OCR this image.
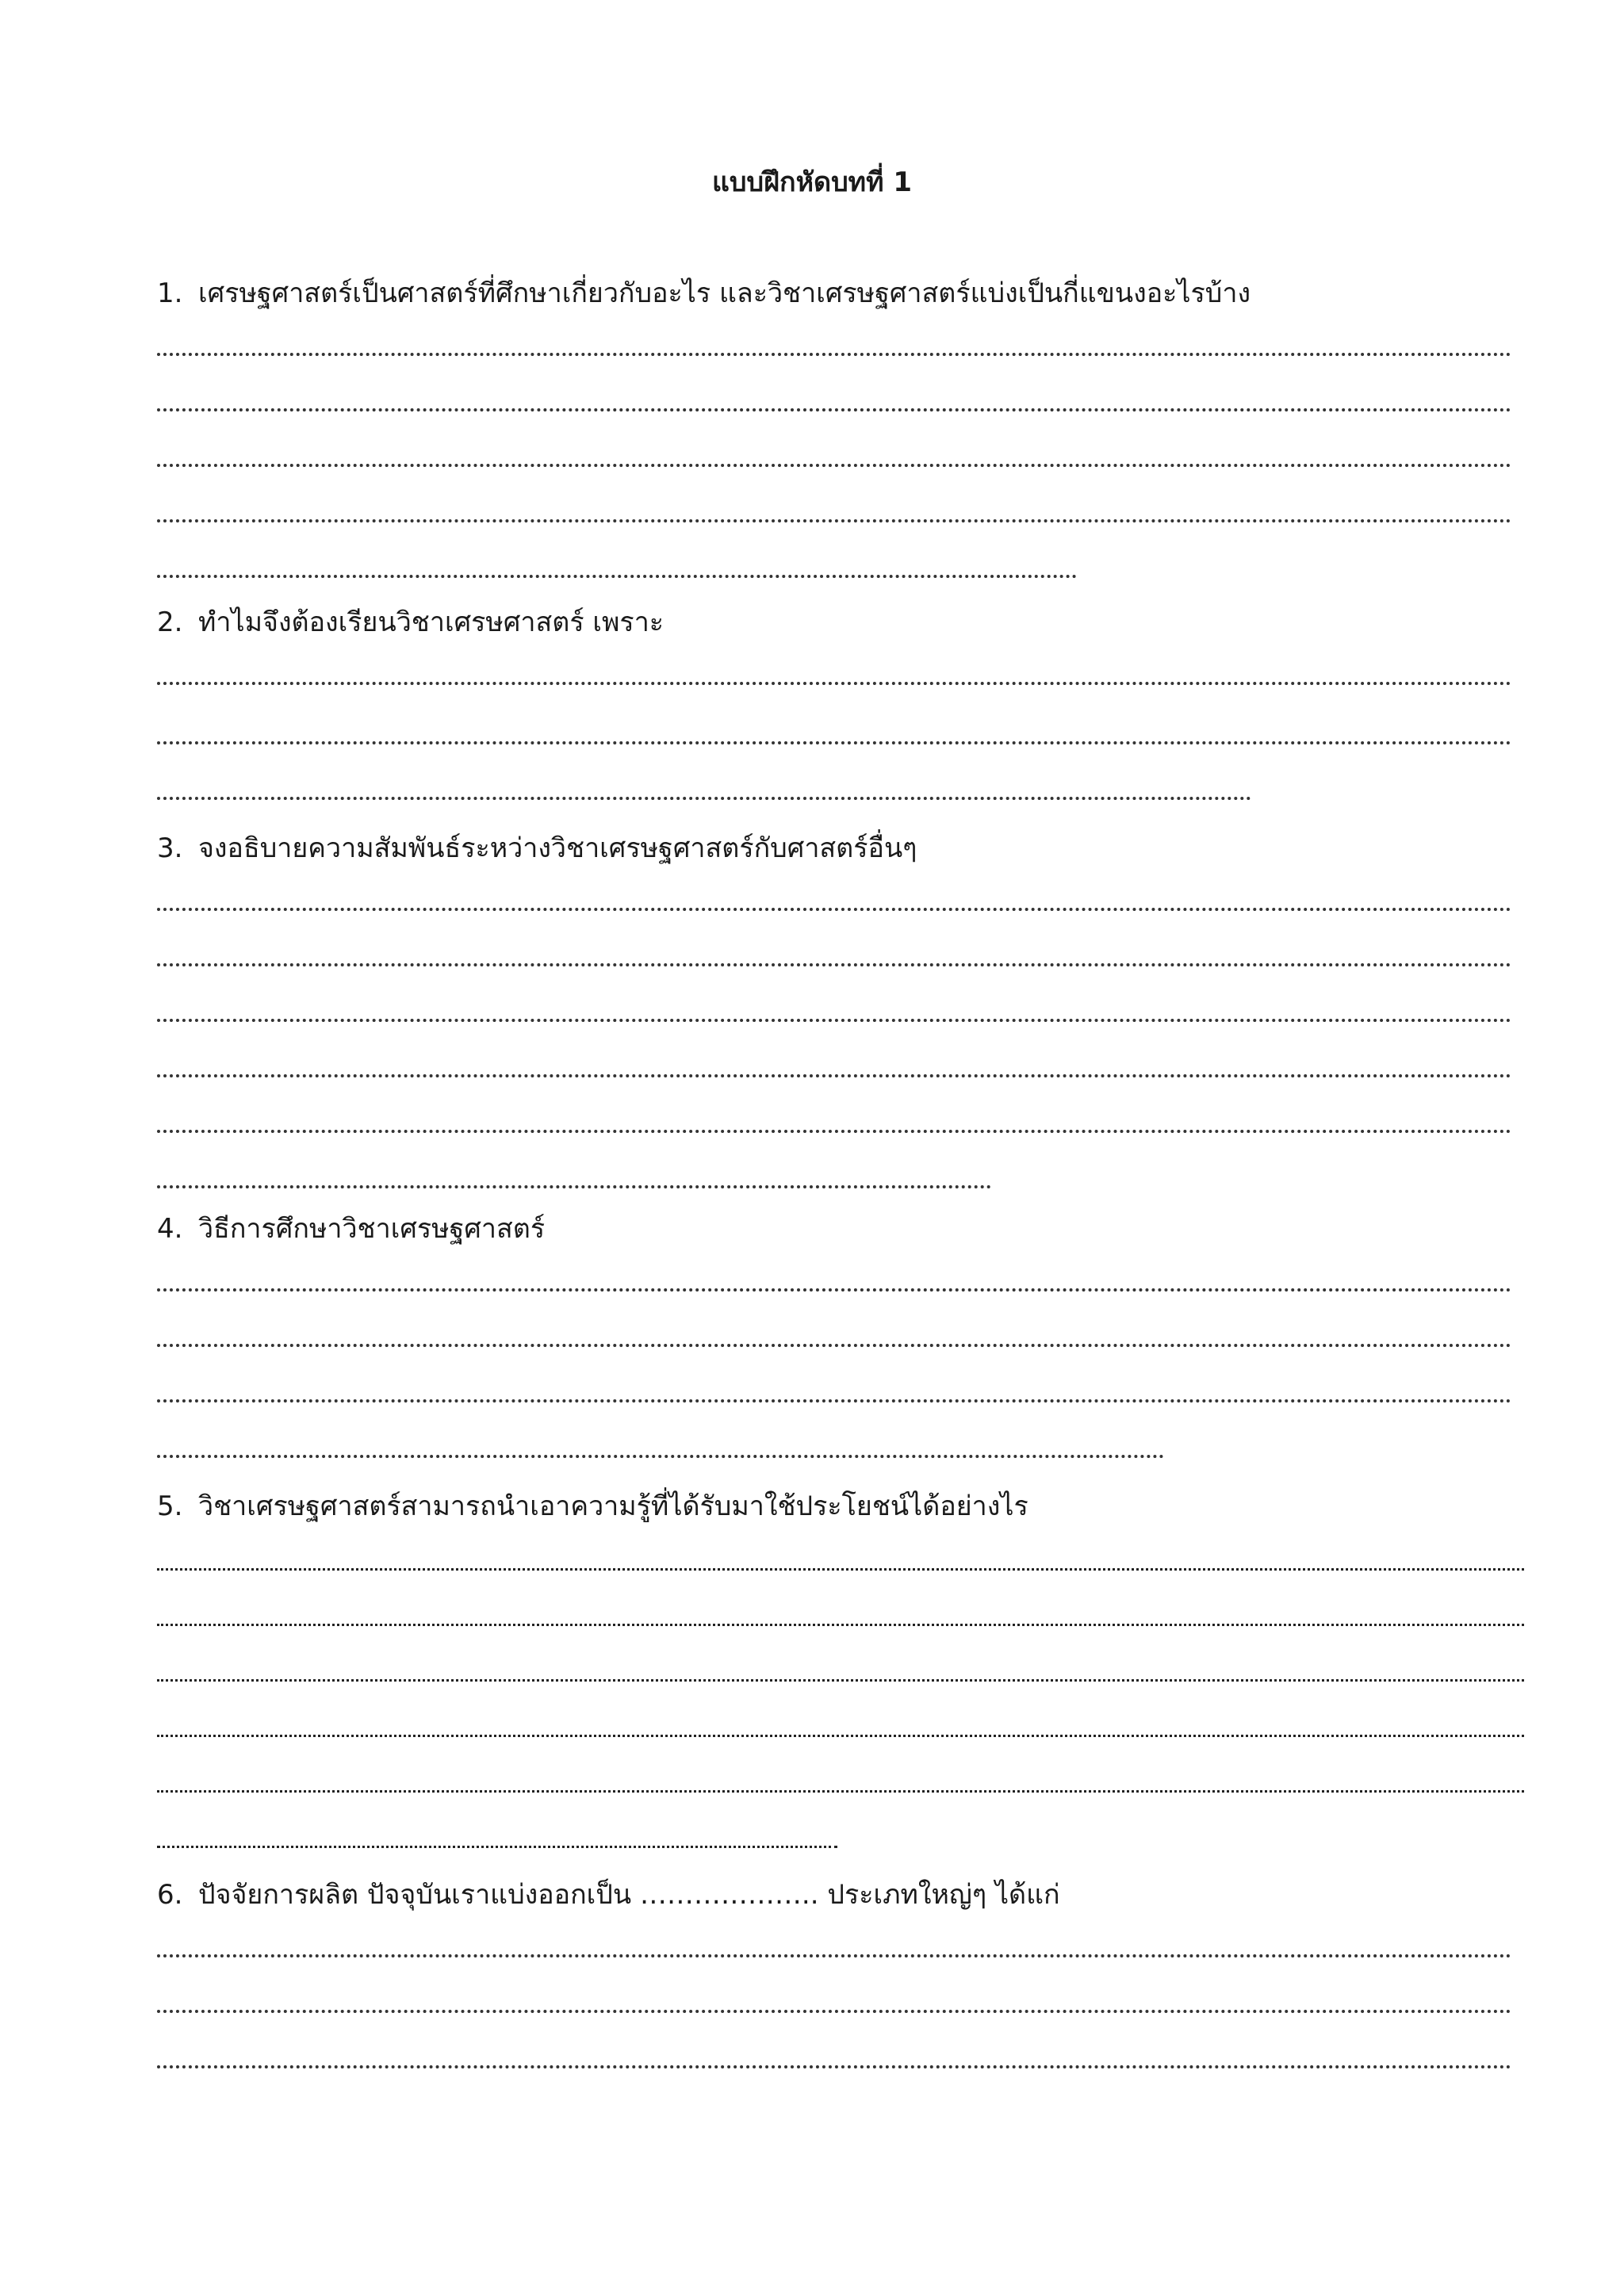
แบบฝึกหัดบทที่ 1
1. เศรษฐศาสตร์เป็นศาสตร์ที่ศึกษาเกี่ยวกับอะไร และวิชาเศรษฐศาสตร์แบ่งเป็นกี่แขนงอะไรบ้าง
2. ทำไมจึงต้องเรียนวิชาเศรษศาสตร์ เพราะ
3. จงอธิบายความสัมพันธ์ระหว่างวิชาเศรษฐศาสตร์กับศาสตร์อื่นๆ
4. วิธีการศึกษาวิชาเศรษฐศาสตร์
5. วิชาเศรษฐศาสตร์สามารถนำเอาความรู้ที่ได้รับมาใช้ประโยชน์ได้อย่างไร
6. ปัจจัยการผลิต ปัจจุบันเราแบ่งออกเป็น ……………….. ประเภทใหญ่ๆ ได้แก่
